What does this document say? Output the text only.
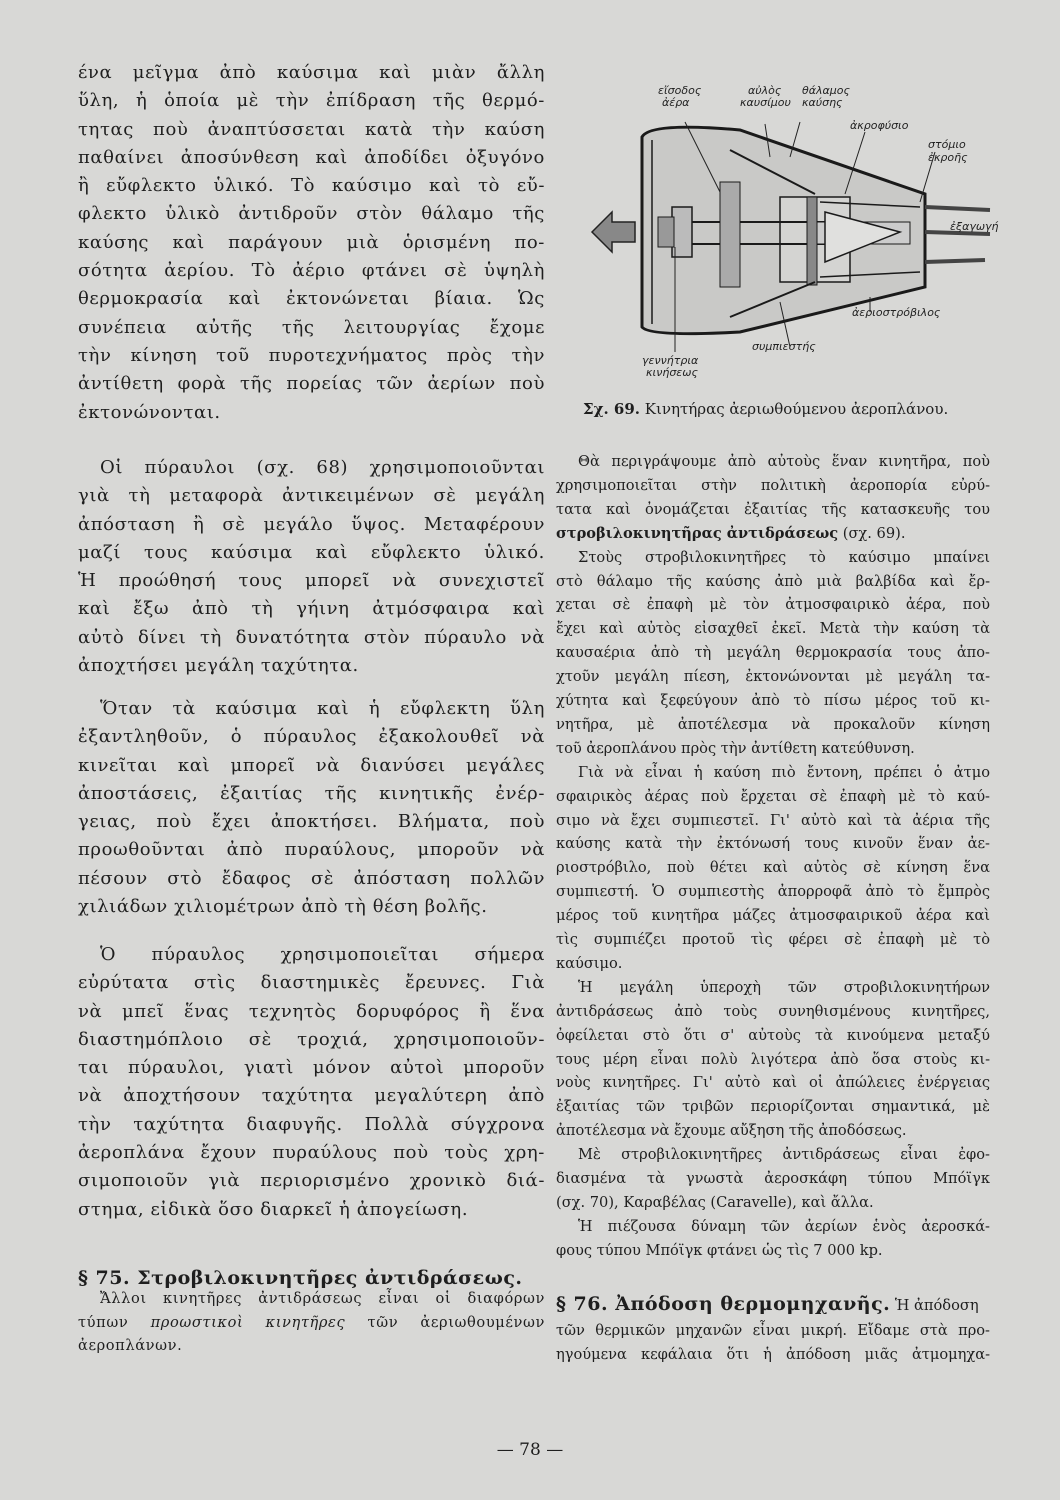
ένα μεῖγμα ἀπὸ καύσιμα καὶ μιὰν ἄλλη
ὕλη, ἡ ὁποία μὲ τὴν ἐπίδραση τῆς θερμό-
τητας ποὺ ἀναπτύσσεται κατὰ τὴν καύση
παθαίνει ἀποσύνθεση καὶ ἀποδίδει ὀξυγόνο
ἢ εὔφλεκτο ὑλικό. Τὸ καύσιμο καὶ τὸ εὔ-
φλεκτο ὑλικὸ ἀντιδροῦν στὸν θάλαμο τῆς
καύσης καὶ παράγουν μιὰ ὁρισμένη πο-
σότητα ἀερίου. Τὸ ἀέριο φτάνει σὲ ὑψηλὴ
θερμοκρασία καὶ ἐκτονώνεται βίαια. Ὡς
συνέπεια αὐτῆς τῆς λειτουργίας ἔχομε
τὴν κίνηση τοῦ πυροτεχνήματος πρὸς τὴν
ἀντίθετη φορὰ τῆς πορείας τῶν ἀερίων ποὺ
ἐκτονώνονται.
Οἱ πύραυλοι (σχ. 68) χρησιμοποιοῦνται
γιὰ τὴ μεταφορὰ ἀντικειμένων σὲ μεγάλη
ἀπόσταση ἢ σὲ μεγάλο ὕψος. Μεταφέρουν
μαζί τους καύσιμα καὶ εὔφλεκτο ὑλικό.
Ἡ προώθησή τους μπορεῖ νὰ συνεχιστεῖ
καὶ ἔξω ἀπὸ τὴ γήινη ἀτμόσφαιρα καὶ
αὐτὸ δίνει τὴ δυνατότητα στὸν πύραυλο νὰ
ἀποχτήσει μεγάλη ταχύτητα.
Ὅταν τὰ καύσιμα καὶ ἡ εὔφλεκτη ὕλη
ἐξαντληθοῦν, ὁ πύραυλος ἐξακολουθεῖ νὰ
κινεῖται καὶ μπορεῖ νὰ διανύσει μεγάλες
ἀποστάσεις, ἐξαιτίας τῆς κινητικῆς ἐνέρ-
γειας, ποὺ ἔχει ἀποκτήσει. Βλήματα, ποὺ
προωθοῦνται ἀπὸ πυραύλους, μποροῦν νὰ
πέσουν στὸ ἔδαφος σὲ ἀπόσταση πολλῶν
χιλιάδων χιλιομέτρων ἀπὸ τὴ θέση βολῆς.
Ὁ πύραυλος χρησιμοποιεῖται σήμερα
εὐρύτατα στὶς διαστημικὲς ἔρευνες. Γιὰ
νὰ μπεῖ ἕνας τεχνητὸς δορυφόρος ἢ ἕνα
διαστημόπλοιο σὲ τροχιά, χρησιμοποιοῦν-
ται πύραυλοι, γιατὶ μόνον αὐτοὶ μποροῦν
νὰ ἀποχτήσουν ταχύτητα μεγαλύτερη ἀπὸ
τὴν ταχύτητα διαφυγῆς. Πολλὰ σύγχρονα
ἀεροπλάνα ἔχουν πυραύλους ποὺ τοὺς χρη-
σιμοποιοῦν γιὰ περιορισμένο χρονικὸ διά-
στημα, εἰδικὰ ὅσο διαρκεῖ ἡ ἀπογείωση.
§ 75. Στροβιλοκινητῆρες ἀντιδράσεως.
Ἄλλοι κινητῆρες ἀντιδράσεως εἶναι οἱ διαφόρων
τύπων προωστικοὶ κινητῆρες τῶν ἀεριωθουμένων
ἀεροπλάνων.
εἴσοδος ἀέρα
αὐλὸς καυσίμου
θάλαμος καύσης
ἀκροφύσιο
στόμιο ἐκροῆς
ἐξαγωγή
ἀεριοστρόβιλος
συμπιεστής
γεννήτρια κινήσεως
Σχ. 69. Κινητήρας ἀεριωθούμενου ἀεροπλάνου.
Θὰ περιγράψουμε ἀπὸ αὐτοὺς ἕναν κινητῆρα, ποὺ
χρησιμοποιεῖται στὴν πολιτικὴ ἀεροπορία εὐρύ-
τατα καὶ ὀνομάζεται ἐξαιτίας τῆς κατασκευῆς του
στροβιλοκινητῆρας ἀντιδράσεως (σχ. 69).
Στοὺς στροβιλοκινητῆρες τὸ καύσιμο μπαίνει
στὸ θάλαμο τῆς καύσης ἀπὸ μιὰ βαλβίδα καὶ ἔρ-
χεται σὲ ἐπαφὴ μὲ τὸν ἀτμοσφαιρικὸ ἀέρα, ποὺ
ἔχει καὶ αὐτὸς εἰσαχθεῖ ἐκεῖ. Μετὰ τὴν καύση τὰ
καυσαέρια ἀπὸ τὴ μεγάλη θερμοκρασία τους ἀπο-
χτοῦν μεγάλη πίεση, ἐκτονώνονται μὲ μεγάλη τα-
χύτητα καὶ ξεφεύγουν ἀπὸ τὸ πίσω μέρος τοῦ κι-
νητῆρα, μὲ ἀποτέλεσμα νὰ προκαλοῦν κίνηση
τοῦ ἀεροπλάνου πρὸς τὴν ἀντίθετη κατεύθυνση.
Γιὰ νὰ εἶναι ἡ καύση πιὸ ἔντονη, πρέπει ὁ ἀτμο
σφαιρικὸς ἀέρας ποὺ ἔρχεται σὲ ἐπαφὴ μὲ τὸ καύ-
σιμο νὰ ἔχει συμπιεστεῖ. Γι' αὐτὸ καὶ τὰ ἀέρια τῆς
καύσης κατὰ τὴν ἐκτόνωσή τους κινοῦν ἕναν ἀε-
ριοστρόβιλο, ποὺ θέτει καὶ αὐτὸς σὲ κίνηση ἕνα
συμπιεστή. Ὁ συμπιεστὴς ἀπορροφᾶ ἀπὸ τὸ ἔμπρὸς
μέρος τοῦ κινητῆρα μάζες ἀτμοσφαιρικοῦ ἀέρα καὶ
τὶς συμπιέζει προτοῦ τὶς φέρει σὲ ἐπαφὴ μὲ τὸ
καύσιμο.
Ἡ μεγάλη ὑπεροχὴ τῶν στροβιλοκινητήρων
ἀντιδράσεως ἀπὸ τοὺς συνηθισμένους κινητῆρες,
ὀφείλεται στὸ ὅτι σ' αὐτοὺς τὰ κινούμενα μεταξύ
τους μέρη εἶναι πολὺ λιγότερα ἀπὸ ὅσα στοὺς κι-
νοὺς κινητῆρες. Γι' αὐτὸ καὶ οἱ ἀπώλειες ἐνέργειας
ἐξαιτίας τῶν τριβῶν περιορίζονται σημαντικά, μὲ
ἀποτέλεσμα νὰ ἔχουμε αὔξηση τῆς ἀποδόσεως.
Μὲ στροβιλοκινητῆρες ἀντιδράσεως εἶναι ἐφο-
διασμένα τὰ γνωστὰ ἀεροσκάφη τύπου Μπόϊγκ
(σχ. 70), Καραβέλας (Caravelle), καὶ ἄλλα.
Ἡ πιέζουσα δύναμη τῶν ἀερίων ἑνὸς ἀεροσκά-
φους τύπου Μπόϊγκ φτάνει ὡς τὶς 7 000 kp.
§ 76. Ἀπόδοση θερμομηχανῆς. Ἡ ἀπόδοση
τῶν θερμικῶν μηχανῶν εἶναι μικρή. Εἴδαμε στὰ προ-
ηγούμενα κεφάλαια ὅτι ἡ ἀπόδοση μιᾶς ἀτμομηχα-
— 78 —
